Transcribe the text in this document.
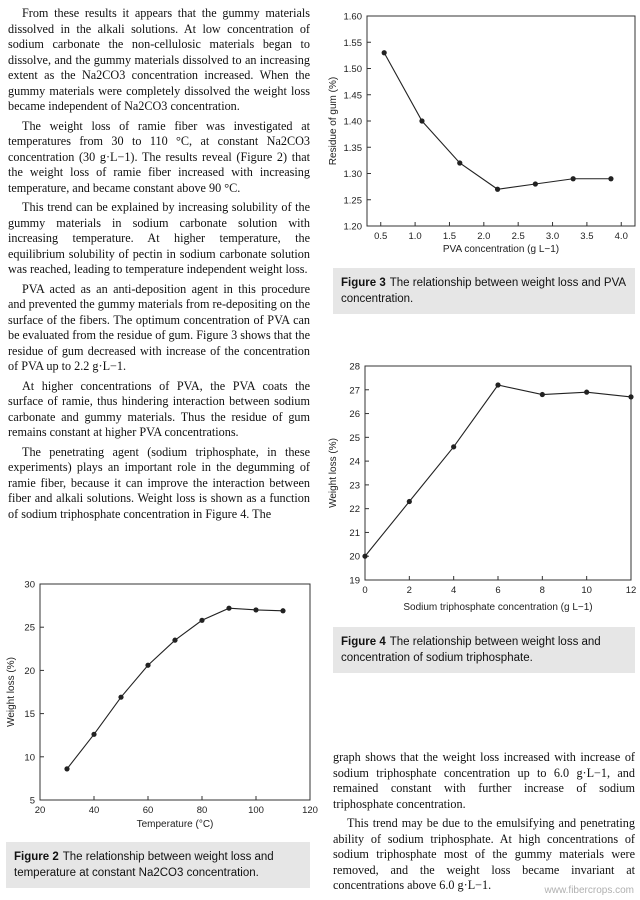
From these results it appears that the gummy materials dissolved in the alkali solutions. At low concentration of sodium carbonate the non-cellulosic materials began to dissolve, and the gummy materials dissolved to an increasing extent as the Na2CO3 concentration increased. When the gummy materials were completely dissolved the weight loss became independent of Na2CO3 concentration.

The weight loss of ramie fiber was investigated at temperatures from 30 to 110 °C, at constant Na2CO3 concentration (30 g·L−1). The results reveal (Figure 2) that the weight loss of ramie fiber increased with increasing temperature, and became constant above 90 °C.

This trend can be explained by increasing solubility of the gummy materials in sodium carbonate solution with increasing temperature. At higher temperature, the equilibrium solubility of pectin in sodium carbonate solution was reached, leading to temperature independent weight loss.

PVA acted as an anti-deposition agent in this procedure and prevented the gummy materials from re-depositing on the surface of the fibers. The optimum concentration of PVA can be evaluated from the residue of gum. Figure 3 shows that the residue of gum decreased with increase of the concentration of PVA up to 2.2 g·L−1.

At higher concentrations of PVA, the PVA coats the surface of ramie, thus hindering interaction between sodium carbonate and gummy materials. Thus the residue of gum remains constant at higher PVA concentrations.

The penetrating agent (sodium triphosphate, in these experiments) plays an important role in the degumming of ramie fiber, because it can improve the interaction between fiber and alkali solutions. Weight loss is shown as a function of sodium triphosphate concentration in Figure 4. The

20	40	60	80	100	120
5
10
15
20
25
30
Temperature (°C)
Weight loss (%)
Figure 2 The relationship between weight loss and temperature at constant Na2CO3 concentration.
0.5 1.0 1.5 2.0 2.5 3.0 3.5 4.0
1.20
1.25
1.30
1.35
1.40
1.45
1.50
1.55
1.60
PVA concentration (g L−1)
Residue of gum (%)
Figure 3 The relationship between weight loss and PVA concentration.
0	2	4	6	8	10	12
19
20
21
22
23
24
25
26
27
28
Sodium triphosphate concentration (g L−1)
Weight loss (%)
Figure 4 The relationship between weight loss and concentration of sodium triphosphate.

graph shows that the weight loss increased with increase of sodium triphosphate concentration up to 6.0 g·L−1, and remained constant with further increase of sodium triphosphate concentration.

This trend may be due to the emulsifying and penetrating ability of sodium triphosphate. At high concentrations of sodium triphosphate most of the gummy materials were removed, and the weight loss became invariant at concentrations above 6.0 g·L−1.	www.fibercrops.com
